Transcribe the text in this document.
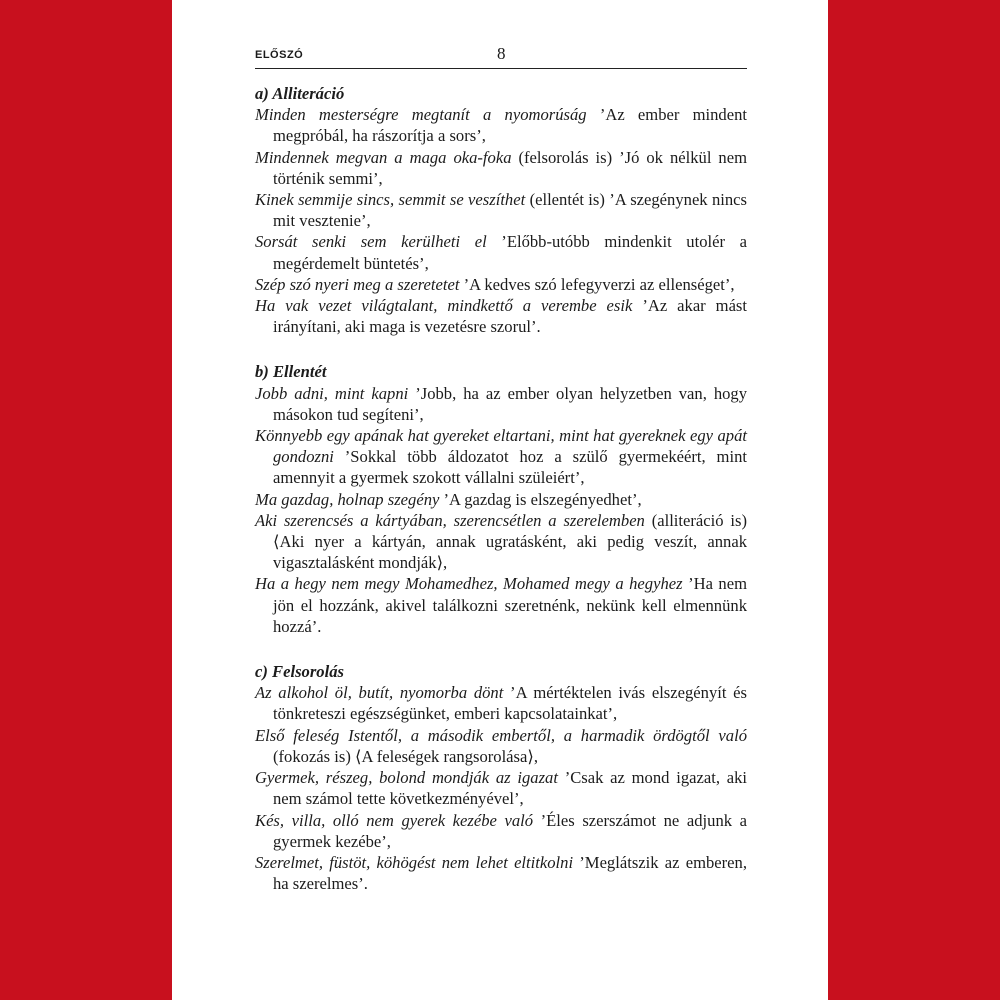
ELŐSZÓ	8
a) Alliteráció

Minden mesterségre megtanít a nyomorúság ’Az ember mindent megpróbál, ha rászorítja a sors’,

Mindennek megvan a maga oka-foka (felsorolás is) ’Jó ok nélkül nem történik semmi’,

Kinek semmije sincs, semmit se veszíthet (ellentét is) ’A szegénynek nincs mit vesztenie’,

Sorsát senki sem kerülheti el ’Előbb-utóbb mindenkit utolér a megérdemelt büntetés’,

Szép szó nyeri meg a szeretetet ’A kedves szó lefegyverzi az ellenséget’,

Ha vak vezet világtalant, mindkettő a verembe esik ’Az akar mást irányítani, aki maga is vezetésre szorul’.

b) Ellentét

Jobb adni, mint kapni ’Jobb, ha az ember olyan helyzetben van, hogy másokon tud segíteni’,

Könnyebb egy apának hat gyereket eltartani, mint hat gyereknek egy apát gondozni ’Sokkal több áldozatot hoz a szülő gyermekéért, mint amennyit a gyermek szokott vállalni szüleiért’,

Ma gazdag, holnap szegény ’A gazdag is elszegényedhet’,

Aki szerencsés a kártyában, szerencsétlen a szerelemben (alliteráció is) ⟨Aki nyer a kártyán, annak ugratásként, aki pedig veszít, annak vigasztalásként mondják⟩,

Ha a hegy nem megy Mohamedhez, Mohamed megy a hegyhez ’Ha nem jön el hozzánk, akivel találkozni szeretnénk, nekünk kell elmennünk hozzá’.

c) Felsorolás

Az alkohol öl, butít, nyomorba dönt ’A mértéktelen ivás elszegényít és tönkreteszi egészségünket, emberi kapcsolatainkat’,

Első feleség Istentől, a második embertől, a harmadik ördögtől való (fokozás is) ⟨A feleségek rangsorolása⟩,

Gyermek, részeg, bolond mondják az igazat ’Csak az mond igazat, aki nem számol tette következményével’,

Kés, villa, olló nem gyerek kezébe való ’Éles szerszámot ne adjunk a gyermek kezébe’,

Szerelmet, füstöt, köhögést nem lehet eltitkolni ’Meglátszik az emberen, ha szerelmes’.
